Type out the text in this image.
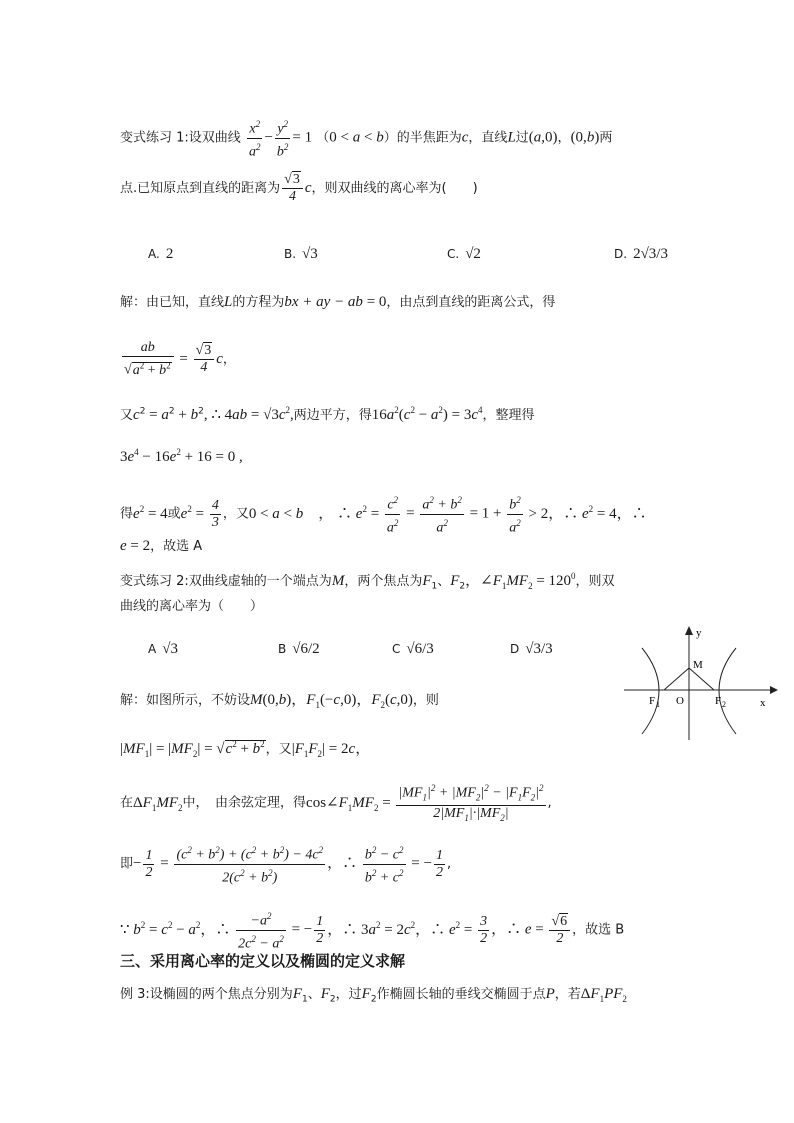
变式练习 1:设双曲线 $\frac{x^2}{a^2} - \frac{y^2}{b^2} = 1$ （0 < a < b）的半焦距为c，直线L过(a,0)，(0,b)两
点.已知原点到直线的距离为 $\frac{√3}{4}$ c，则双曲线的离心率为(　　)
A. 2	B. √3	C. √2	D. 2√3/3
解：由已知，直线L的方程为bx + ay − ab = 0，由点到直线的距离公式，得
$\frac{ab}{√a^2 + b^2} = \frac{√3}{4}$ c，
又$c^2 = a^2 + b^2$, ∴ $4ab = √3c^2$,两边平方，得$16a^2(c^2 - a^2) = 3c^4$，整理得
$3e^4 - 16e^2 + 16 = 0$ ,
得$e^2 = 4$或$e^2 = \frac{4}{3}$ ，又0 < a < b　， ∴ $e^2 = \frac{c^2}{a^2} = \frac{a^2 + b^2}{a^2} = 1 + \frac{b^2}{a^2} > 2$，∴ $e^2 = 4$，∴
e = 2，故选 A
变式练习 2:双曲线虚轴的一个端点为M，两个焦点为$F_1$、$F_2$，$\angle F_1MF_2 = 120^0$，则双
曲线的离心率为（　　）
A √3	B √6/2	C √6/3	D √3/3
解：如图所示，不妨设M(0,b)，$F_1(-c,0)$，$F_2(c,0)$，则
$|MF_1| = |MF_2| = √c^2 + b^2$，又$|F_1F_2| = 2c$，
在$\Delta F_1MF_2$中，　由余弦定理，得$\cos\angle F_1MF_2 = \frac{|MF_1|^2 + |MF_2|^2 - |F_1F_2|^2}{2|MF_1|\cdot|MF_2|}$ ,
即− $\frac{1}{2} = \frac{(c^2 + b^2) + (c^2 + b^2) - 4c^2}{2(c^2 + b^2)}$ ，∴ $\frac{b^2 - c^2}{b^2 + c^2}$ = − $\frac{1}{2}$ ,
∵ $b^2 = c^2 - a^2$，∴ $\frac{-a^2}{2c^2 - a^2}$ = − $\frac{1}{2}$ ，∴ $3a^2 = 2c^2$，∴ $e^2 = \frac{3}{2}$ ，∴ $e = \frac{√6}{2}$ ，故选 B
y
x
M
F 1 O	F 2
三、采用离心率的定义以及椭圆的定义求解
例 3:设椭圆的两个焦点分别为$F_1$、$F_2$，过$F_2$作椭圆长轴的垂线交椭圆于点P，若$\Delta F_1PF_2$
